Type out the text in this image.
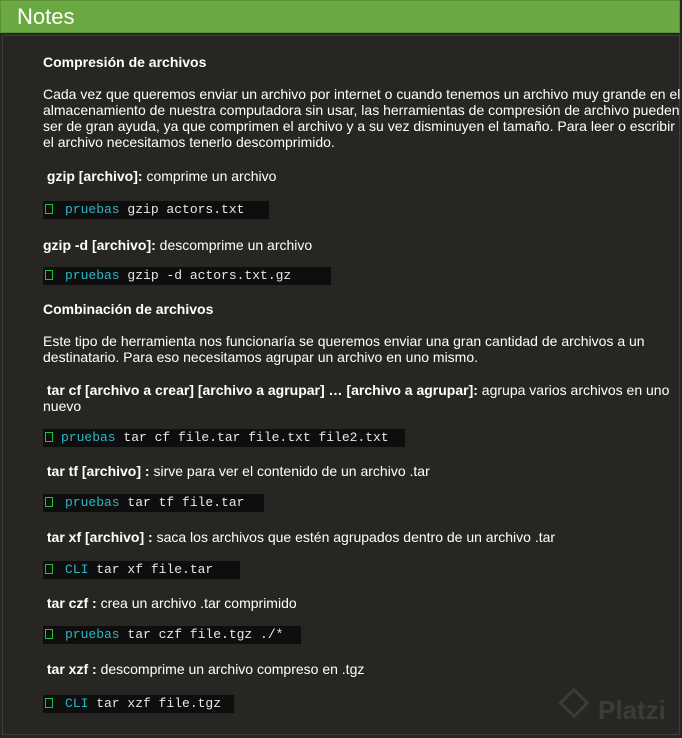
Notes
Compresión de archivos
Cada vez que queremos enviar un archivo por internet o cuando tenemos un archivo muy grande en el almacenamiento de nuestra computadora sin usar, las herramientas de compresión de archivo pueden ser de gran ayuda, ya que comprimen el archivo y a su vez disminuyen el tamaño. Para leer o escribir el archivo necesitamos tenerlo descomprimido.
gzip [archivo]: comprime un archivo
pruebas gzip actors.txt
gzip -d [archivo]: descomprime un archivo
pruebas gzip -d actors.txt.gz
Combinación de archivos
Este tipo de herramienta nos funcionaría se queremos enviar una gran cantidad de archivos a un destinatario. Para eso necesitamos agrupar un archivo en uno mismo.
tar cf [archivo a crear] [archivo a agrupar] … [archivo a agrupar]: agrupa varios archivos en uno nuevo
pruebas tar cf file.tar file.txt file2.txt
tar tf [archivo] : sirve para ver el contenido de un archivo .tar
pruebas tar tf file.tar
tar xf [archivo] : saca los archivos que estén agrupados dentro de un archivo .tar
CLI tar xf file.tar
tar czf : crea un archivo .tar comprimido
pruebas tar czf file.tgz ./*
tar xzf : descomprime un archivo compreso en .tgz
CLI tar xzf file.tgz	Platzi
